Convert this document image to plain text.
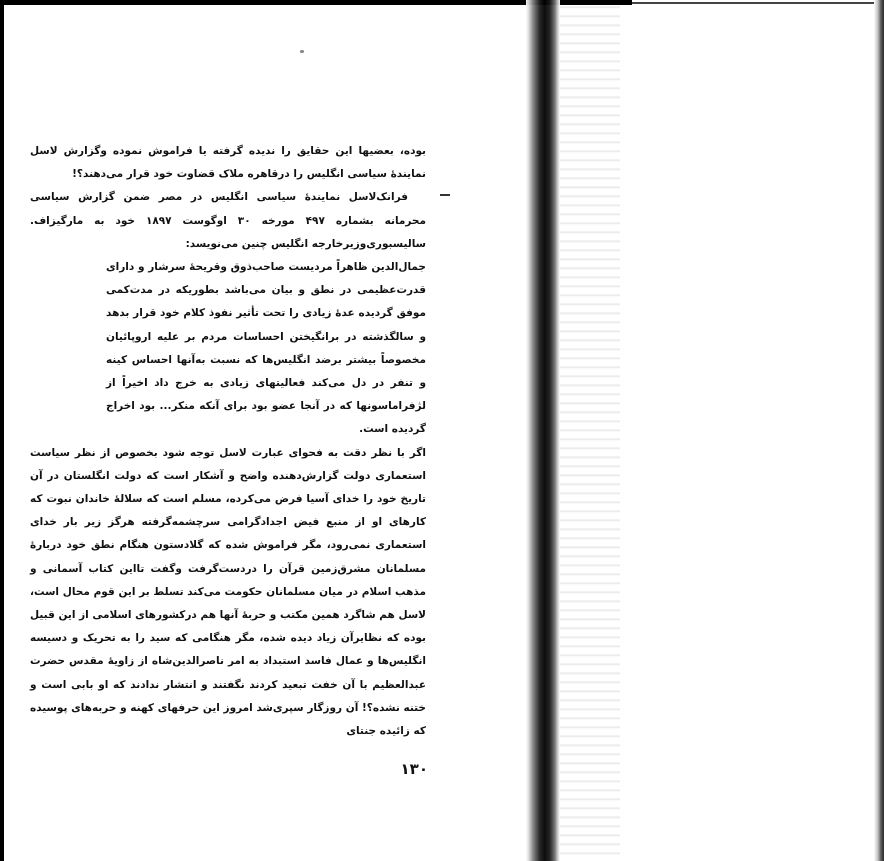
بوده، بعضیها این حقایق را ندیده گرفته یا فراموش نموده وگزارش لاسل نمایندهٔ سیاسی انگلیس را درقاهره ملاک قضاوت خود قرار می‌دهند؟!

فرانک‌لاسل نمایندهٔ سیاسی انگلیس در مصر ضمن گزارش سیاسی محرمانه بشماره ۴۹۷ مورخه ۳۰ اوگوست ۱۸۹۷ خود به مارگیزاف. سالیسبوری‌وزیرخارجه انگلیس چنین می‌نویسد:

جمال‌الدین ظاهراً مردیست صاحب‌ذوق وقریحهٔ سرشار و دارای قدرت‌عظیمی در نطق و بیان می‌باشد بطوریکه در مدت‌کمی موفق گردیده عدهٔ زیادی را تحت تأثیر نفوذ کلام خود قرار بدهد و سالگذشته در برانگیختن احساسات مردم بر علیه اروپائیان مخصوصاً بیشتر برضد انگلیس‌ها که نسبت به‌آنها احساس کینه و تنفر در دل می‌کند فعالیتهای زیادی به خرج داد اخیراً از لژفراماسونها که در آنجا عضو بود برای آنکه منکر... بود اخراج گردیده است.

اگر با نظر دقت به فحوای عبارت لاسل توجه شود بخصوص از نظر سیاست استعماری دولت گزارش‌دهنده واضح و آشکار است که دولت انگلستان در آن تاریخ خود را خدای آسیا فرض می‌کرده، مسلم است که سلالهٔ خاندان نبوت که کارهای او از منبع فیض اجدادگرامی سرچشمه‌گرفته هرگز زیر بار خدای استعماری نمی‌رود، مگر فراموش شده که گلادستون هنگام نطق خود دربارهٔ مسلمانان مشرق‌زمین قرآن را دردست‌گرفت وگفت تااین کتاب آسمانی و مذهب اسلام در میان مسلمانان حکومت می‌کند تسلط بر این قوم محال است، لاسل هم شاگرد همین مکتب و حربهٔ آنها هم درکشورهای اسلامی از این قبیل بوده که نظایرآن زیاد دیده شده، مگر هنگامی که سید را به تحریک و دسیسه انگلیس‌ها و عمال فاسد استبداد به امر ناصرالدین‌شاه از زاویهٔ مقدس حضرت عبدالعظیم با آن خفت تبعید کردند نگفتند و انتشار ندادند که او بابی است و ختنه نشده؟! آن روزگار سپری‌شد امروز این حرفهای کهنه و حربه‌های پوسیده که زائیده جنتای

۱۳۰
